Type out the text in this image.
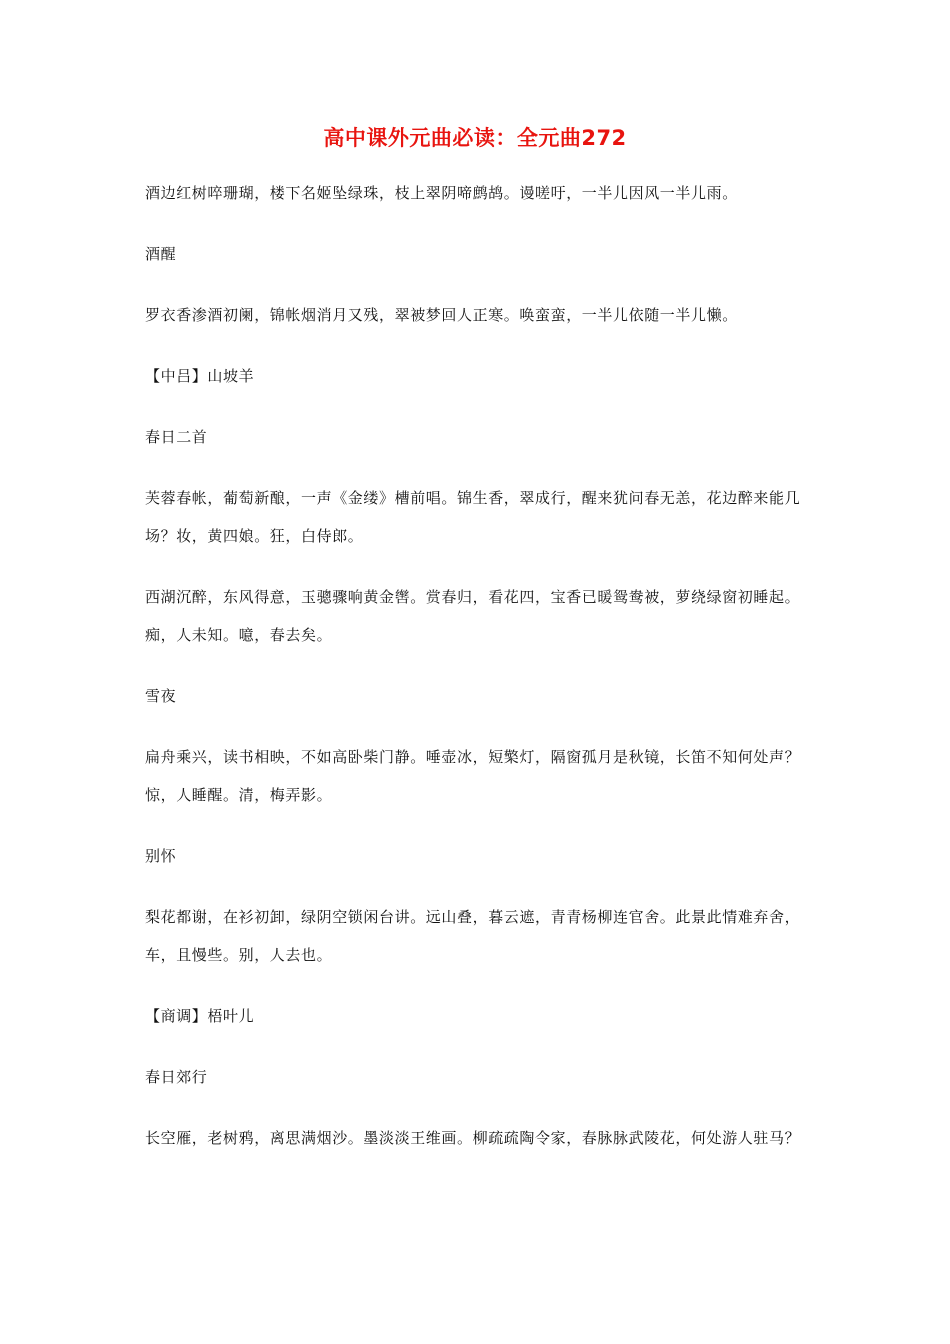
高中课外元曲必读：全元曲272

酒边红树啐珊瑚，楼下名姬坠绿珠，枝上翠阴啼鹧鸪。谩嗟吁，一半儿因风一半儿雨。

酒醒

罗衣香渗酒初阑，锦帐烟消月又残，翠被梦回人正寒。唤蛮蛮，一半儿依随一半儿懒。

【中吕】山坡羊

春日二首

芙蓉春帐，葡萄新酿，一声《金缕》槽前唱。锦生香，翠成行，醒来犹问春无恙，花边醉来能几场？妆，黄四娘。狂，白侍郎。

西湖沉醉，东风得意，玉骢骤响黄金辔。赏春归，看花四，宝香已暖鸳鸯被，萝绕绿窗初睡起。痴，人未知。噫，春去矣。

雪夜

扁舟乘兴，读书相映，不如高卧柴门静。唾壶冰，短檠灯，隔窗孤月是秋镜，长笛不知何处声？惊，人睡醒。清，梅弄影。

别怀

梨花都谢，在衫初卸，绿阴空锁闲台讲。远山叠，暮云遮，青青杨柳连官舍。此景此情难弃舍，车，且慢些。别，人去也。

【商调】梧叶儿

春日郊行

长空雁，老树鸦，离思满烟沙。墨淡淡王维画。柳疏疏陶令家，春脉脉武陵花，何处游人驻马？
